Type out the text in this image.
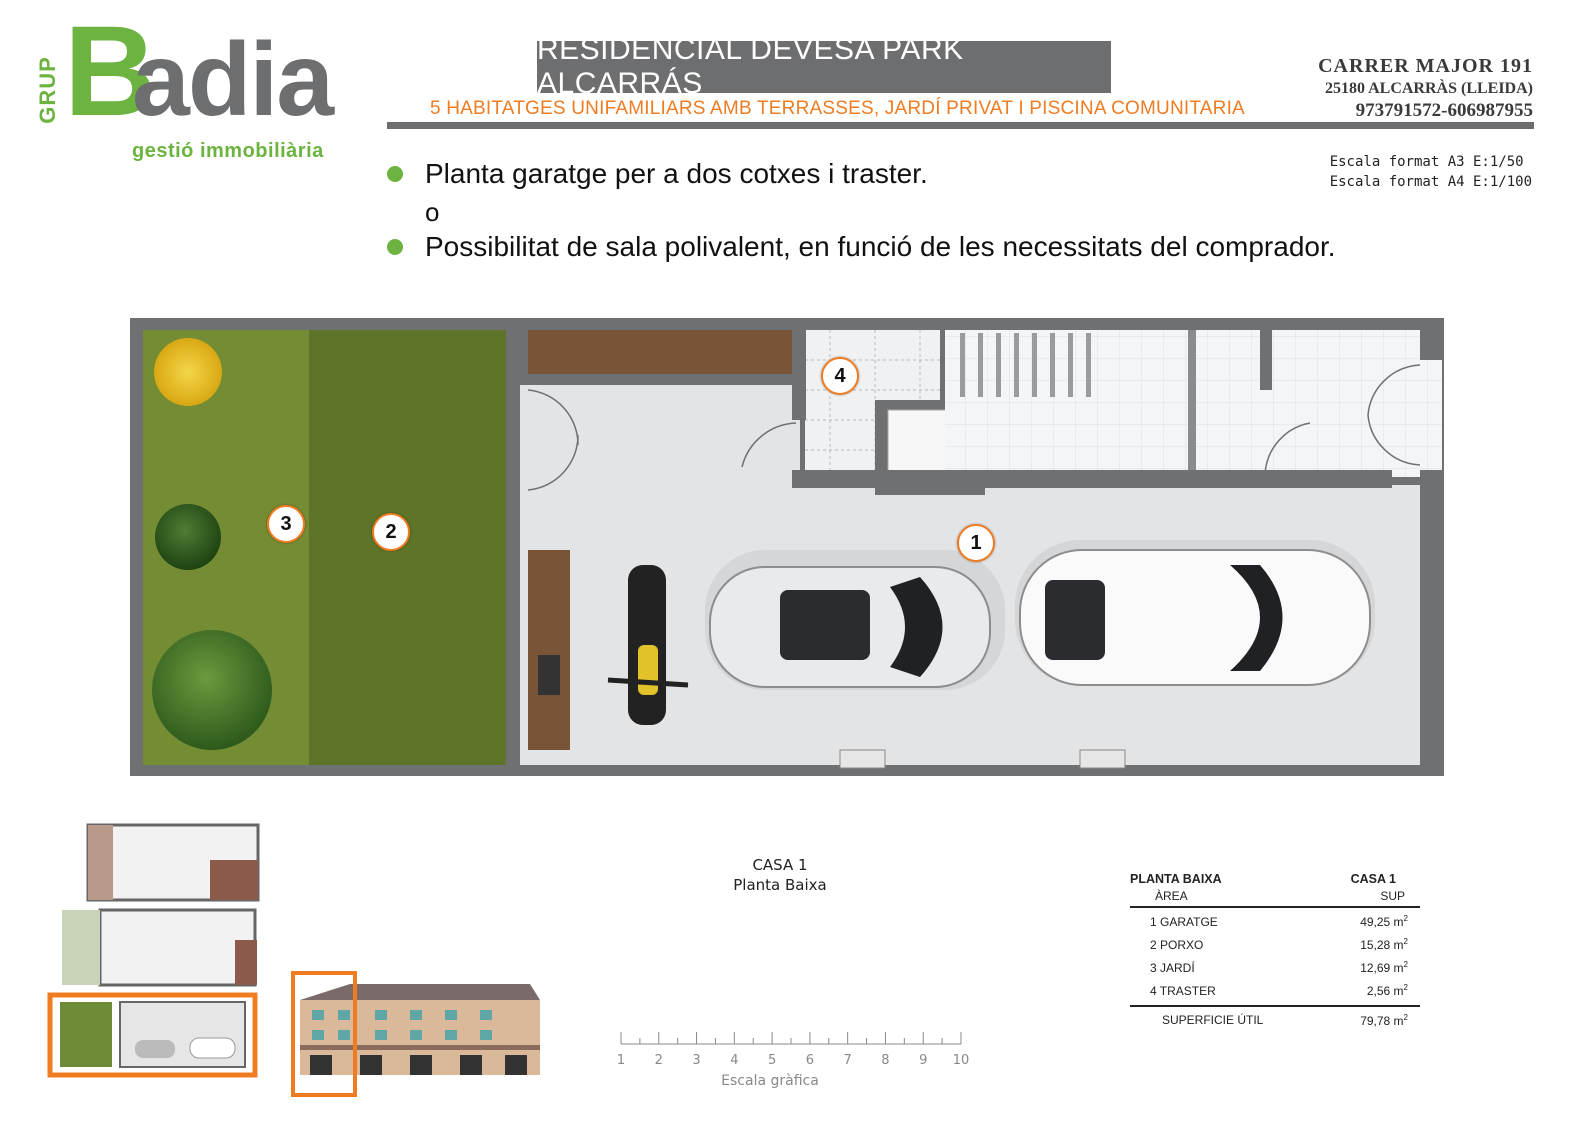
GRUP B
adia
gestió immobiliària
RESIDENCIAL DEVESA PARK ALCARRÁS
5 HABITATGES UNIFAMILIARS AMB TERRASSES, JARDÍ PRIVAT I PISCINA COMUNITARIA
CARRER MAJOR 191
25180 ALCARRÀS (LLEIDA)
973791572-606987955
Escala format A3 E:1/50
Escala format A4 E:1/100
Planta garatge per a dos cotxes i traster.
o
Possibilitat de sala polivalent, en funció de les necessitats del comprador.
1
2
3
4
CASA 1
Planta Baixa
1 2 3 4 5 6 7 8 9 10
Escala gràfica
PLANTA BAIXA	CASA 1
ÀREA	SUP
1 GARATGE	49,25 $m^2$
2 PORXO	15,28 $m^2$
3 JARDÍ	12,69 $m^2$
4 TRASTER	2,56 $m^2$
SUPERFICIE ÚTIL	79,78 $m^2$
